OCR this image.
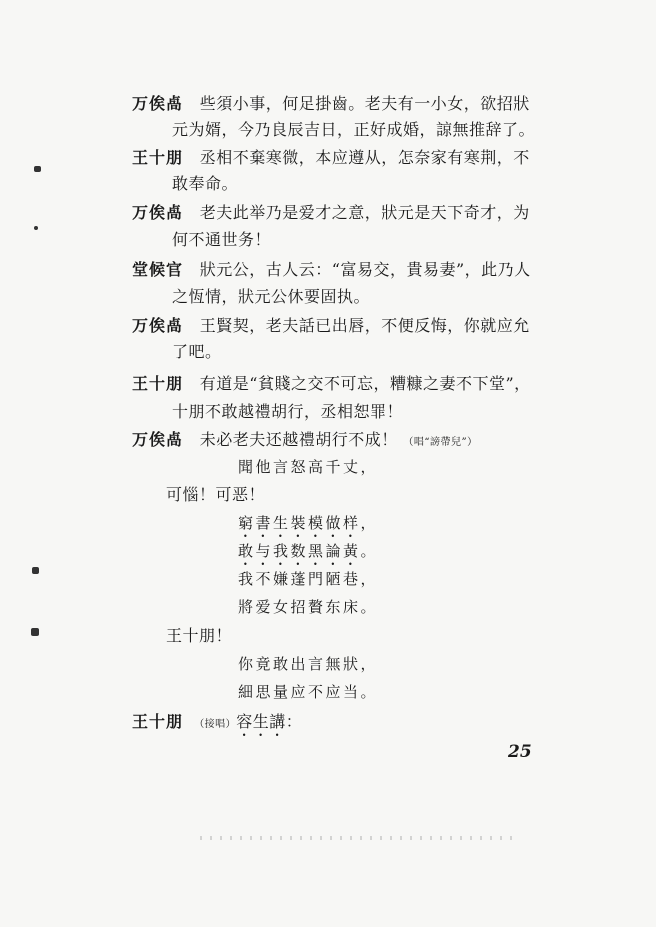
万俟卨 些須小事，何足掛齒。老夫有一小女，欲招狀
元为婿，今乃良辰吉日，正好成婚，諒無推辞了。
王十朋 丞相不棄寒微，本应遵从，怎奈家有寒荆，不
敢奉命。
万俟卨 老夫此举乃是爱才之意，狀元是天下奇才，为
何不通世务！
堂候官 狀元公，古人云：“富易交，貴易妻”，此乃人
之恆情，狀元公休要固执。
万俟卨 王賢契，老夫話已出唇，不便反悔，你就应允
了吧。
王十朋 有道是“貧賤之交不可忘，糟糠之妻不下堂”，
十朋不敢越禮胡行，丞相恕罪！
万俟卨 未必老夫还越禮胡行不成！ （唱“謗帶兒”）
聞他言怒高千丈，
可惱！可恶！
窮書生裝模做样，
敢与我数黑論黃。
我不嫌蓬門陋巷，
將爱女招贅东床。
王十朋！
你竟敢出言無狀，
細思量应不应当。
王十朋 （接唱）容生講：
25
